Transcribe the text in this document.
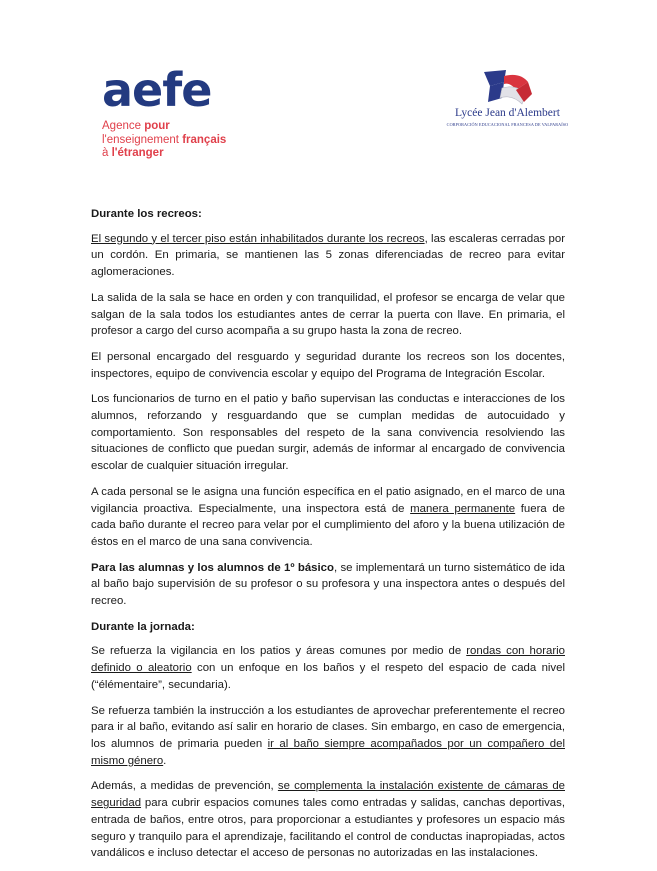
aefe
Agence pour
l'enseignement français
à l'étranger
Lycée Jean d'Alembert
CORPORACIÓN EDUCACIONAL FRANCESA DE VALPARAÍSO

Durante los recreos:

El segundo y el tercer piso están inhabilitados durante los recreos, las escaleras cerradas por un cordón. En primaria, se mantienen las 5 zonas diferenciadas de recreo para evitar aglomeraciones.

La salida de la sala se hace en orden y con tranquilidad, el profesor se encarga de velar que salgan de la sala todos los estudiantes antes de cerrar la puerta con llave. En primaria, el profesor a cargo del curso acompaña a su grupo hasta la zona de recreo.

El personal encargado del resguardo y seguridad durante los recreos son los docentes, inspectores, equipo de convivencia escolar y equipo del Programa de Integración Escolar.

Los funcionarios de turno en el patio y baño supervisan las conductas e interacciones de los alumnos, reforzando y resguardando que se cumplan medidas de autocuidado y comportamiento. Son responsables del respeto de la sana convivencia resolviendo las situaciones de conflicto que puedan surgir, además de informar al encargado de convivencia escolar de cualquier situación irregular.

A cada personal se le asigna una función específica en el patio asignado, en el marco de una vigilancia proactiva. Especialmente, una inspectora está de manera permanente fuera de cada baño durante el recreo para velar por el cumplimiento del aforo y la buena utilización de éstos en el marco de una sana convivencia.

Para las alumnas y los alumnos de 1º básico, se implementará un turno sistemático de ida al baño bajo supervisión de su profesor o su profesora y una inspectora antes o después del recreo.

Durante la jornada:

Se refuerza la vigilancia en los patios y áreas comunes por medio de rondas con horario definido o aleatorio con un enfoque en los baños y el respeto del espacio de cada nivel (“élémentaire”, secundaria).

Se refuerza también la instrucción a los estudiantes de aprovechar preferentemente el recreo para ir al baño, evitando así salir en horario de clases. Sin embargo, en caso de emergencia, los alumnos de primaria pueden ir al baño siempre acompañados por un compañero del mismo género.

Además, a medidas de prevención, se complementa la instalación existente de cámaras de seguridad para cubrir espacios comunes tales como entradas y salidas, canchas deportivas, entrada de baños, entre otros, para proporcionar a estudiantes y profesores un espacio más seguro y tranquilo para el aprendizaje, facilitando el control de conductas inapropiadas, actos vandálicos e incluso detectar el acceso de personas no autorizadas en las instalaciones.
